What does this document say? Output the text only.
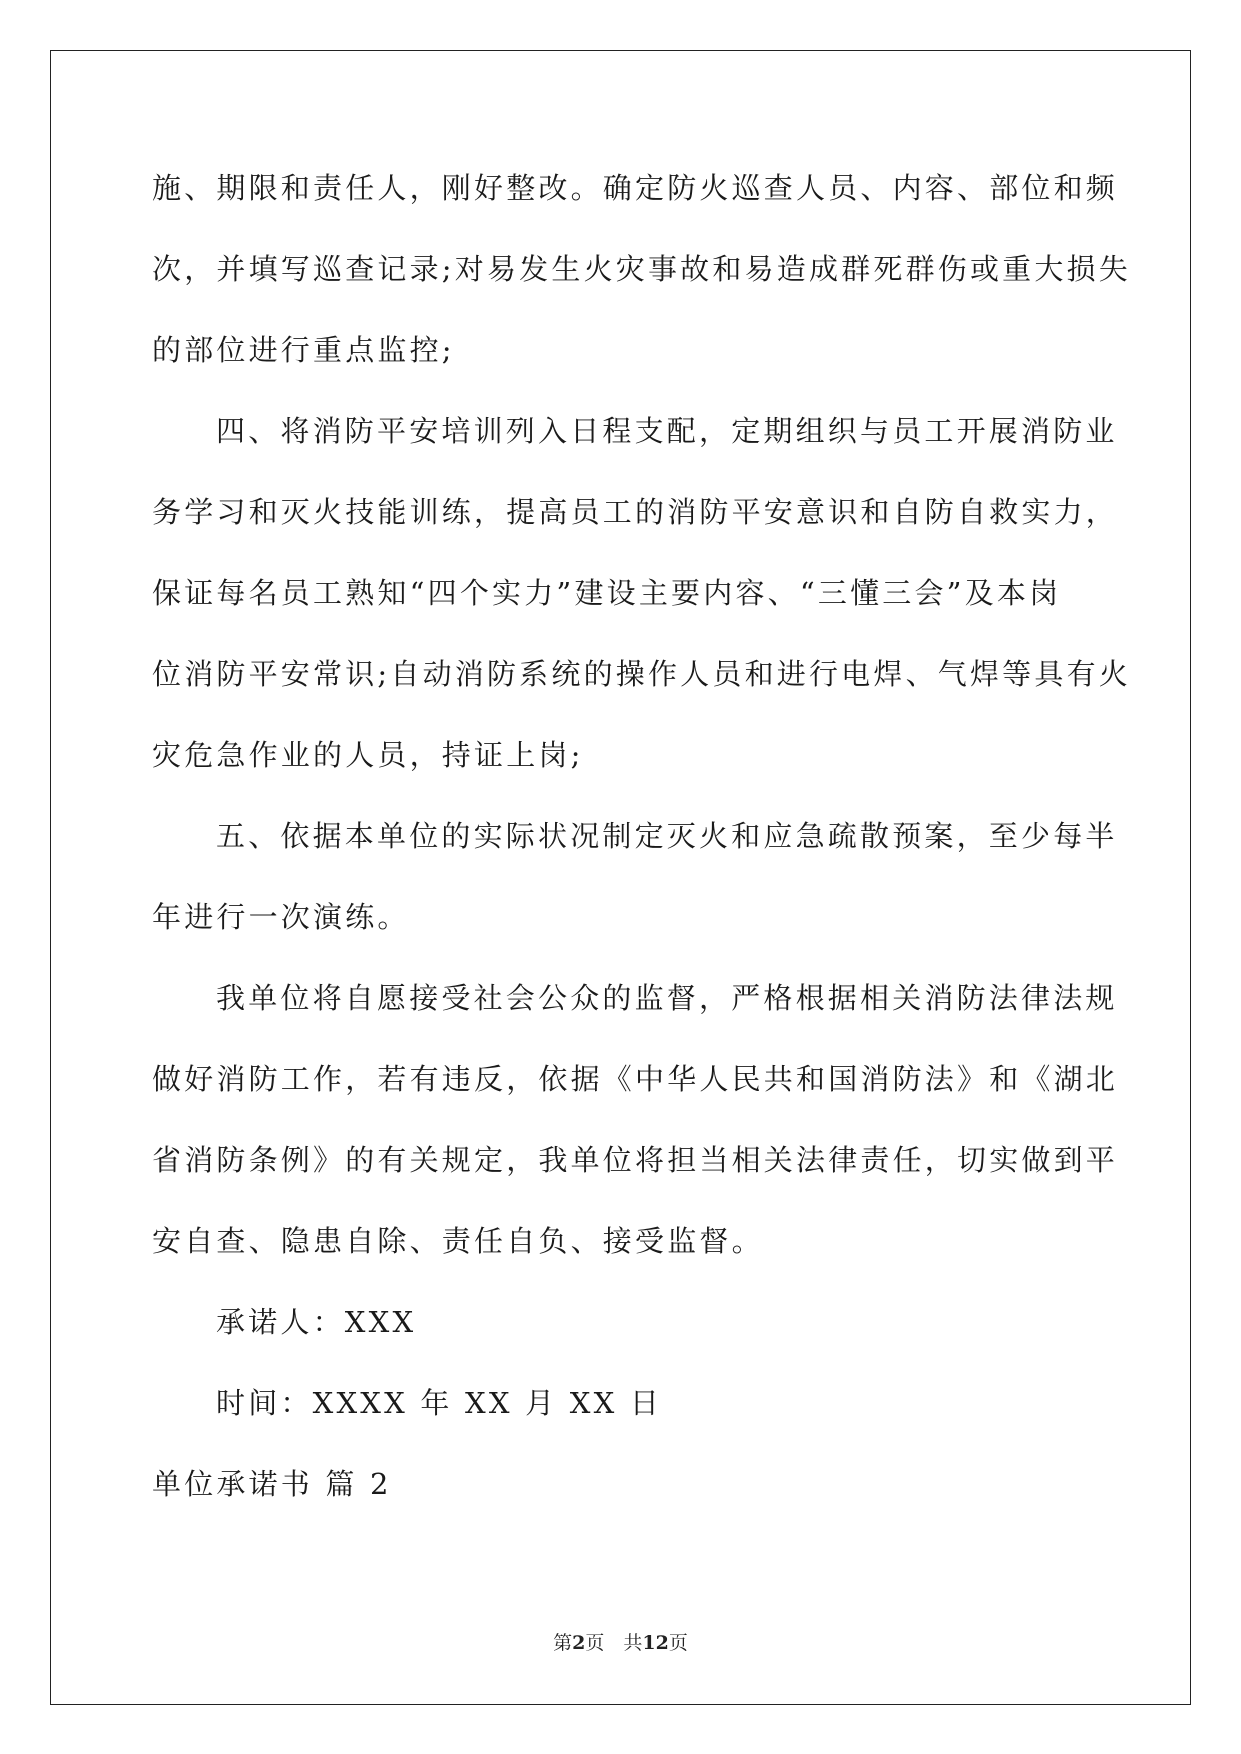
施、期限和责任人，刚好整改。确定防火巡查人员、内容、部位和频
次，并填写巡查记录;对易发生火灾事故和易造成群死群伤或重大损失
的部位进行重点监控;
四、将消防平安培训列入日程支配，定期组织与员工开展消防业
务学习和灭火技能训练，提高员工的消防平安意识和自防自救实力，
保证每名员工熟知“四个实力”建设主要内容、“三懂三会”及本岗
位消防平安常识;自动消防系统的操作人员和进行电焊、气焊等具有火
灾危急作业的人员，持证上岗;
五、依据本单位的实际状况制定灭火和应急疏散预案，至少每半
年进行一次演练。
我单位将自愿接受社会公众的监督，严格根据相关消防法律法规
做好消防工作，若有违反，依据《中华人民共和国消防法》和《湖北
省消防条例》的有关规定，我单位将担当相关法律责任，切实做到平
安自查、隐患自除、责任自负、接受监督。
承诺人：XXX
时间：XXXX 年 XX 月 XX 日
单位承诺书 篇 2
第2页　共12页
